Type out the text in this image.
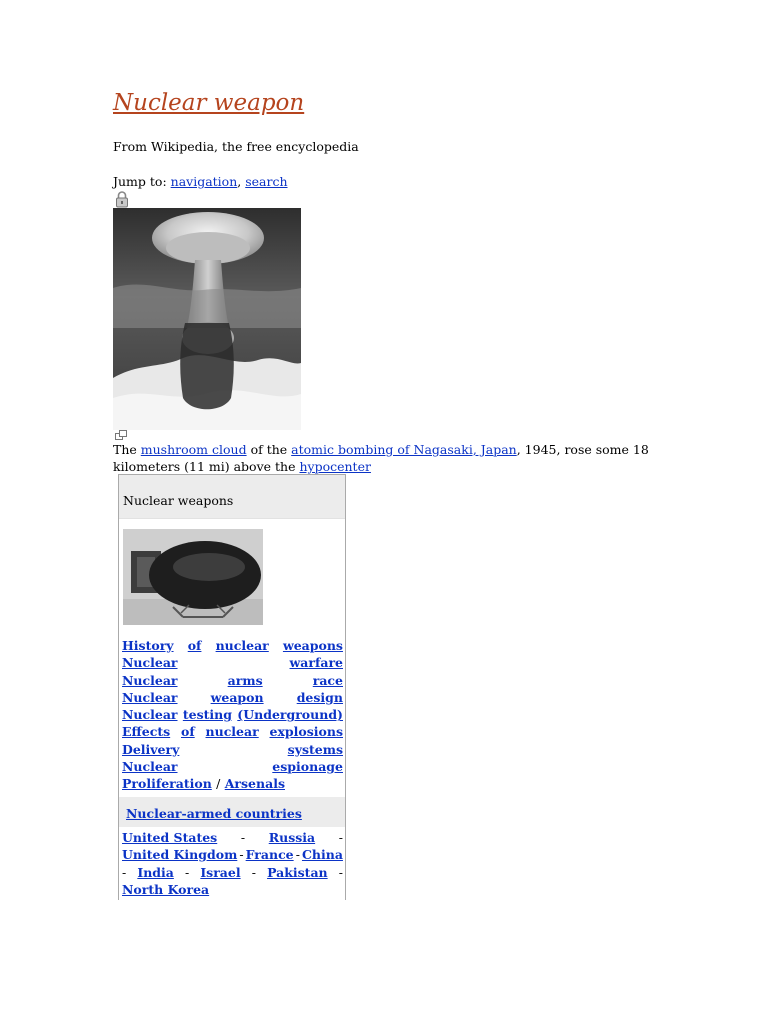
Nuclear weapon
From Wikipedia, the free encyclopedia
Jump to: navigation, search
The mushroom cloud of the atomic bombing of Nagasaki, Japan, 1945, rose some 18 kilometers (11 mi) above the hypocenter
Nuclear weapons
History of nuclear weapons
Nuclear	warfare
Nuclear	arms	race
Nuclear	weapon	design
Nuclear testing (Underground)
Effects of nuclear explosions
Delivery	systems
Nuclear	espionage
Proliferation / Arsenals
Nuclear-armed countries
United States - Russia -
United Kingdom - France - China
- India - Israel - Pakistan -
North Korea
